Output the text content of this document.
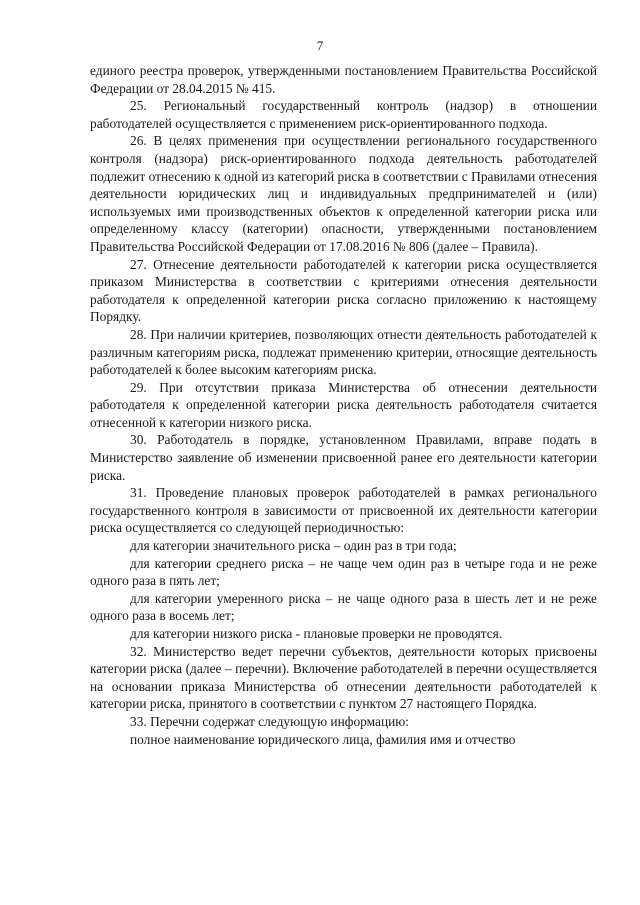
7

единого реестра проверок, утвержденными постановлением Правительства Российской Федерации от 28.04.2015 № 415.

25. Региональный государственный контроль (надзор) в отношении работодателей осуществляется с применением риск-ориентированного подхода.

26. В целях применения при осуществлении регионального государственного контроля (надзора) риск-ориентированного подхода деятельность работодателей подлежит отнесению к одной из категорий риска в соответствии с Правилами отнесения деятельности юридических лиц и индивидуальных предпринимателей и (или) используемых ими производственных объектов к определенной категории риска или определенному классу (категории) опасности, утвержденными постановлением Правительства Российской Федерации от 17.08.2016 № 806 (далее – Правила).

27. Отнесение деятельности работодателей к категории риска осуществляется приказом Министерства в соответствии с критериями отнесения деятельности работодателя к определенной категории риска согласно приложению к настоящему Порядку.

28. При наличии критериев, позволяющих отнести деятельность работодателей к различным категориям риска, подлежат применению критерии, относящие деятельность работодателей к более высоким категориям риска.

29. При отсутствии приказа Министерства об отнесении деятельности работодателя к определенной категории риска деятельность работодателя считается отнесенной к категории низкого риска.

30. Работодатель в порядке, установленном Правилами, вправе подать в Министерство заявление об изменении присвоенной ранее его деятельности категории риска.

31. Проведение плановых проверок работодателей в рамках регионального государственного контроля в зависимости от присвоенной их деятельности категории риска осуществляется со следующей периодичностью:

для категории значительного риска – один раз в три года;

для категории среднего риска – не чаще чем один раз в четыре года и не реже одного раза в пять лет;

для категории умеренного риска – не чаще одного раза в шесть лет и не реже одного раза в восемь лет;

для категории низкого риска - плановые проверки не проводятся.

32. Министерство ведет перечни субъектов, деятельности которых присвоены категории риска (далее – перечни). Включение работодателей в перечни осуществляется на основании приказа Министерства об отнесении деятельности работодателей к категории риска, принятого в соответствии с пунктом 27 настоящего Порядка.

33. Перечни содержат следующую информацию:

полное наименование юридического лица, фамилия имя и отчество
